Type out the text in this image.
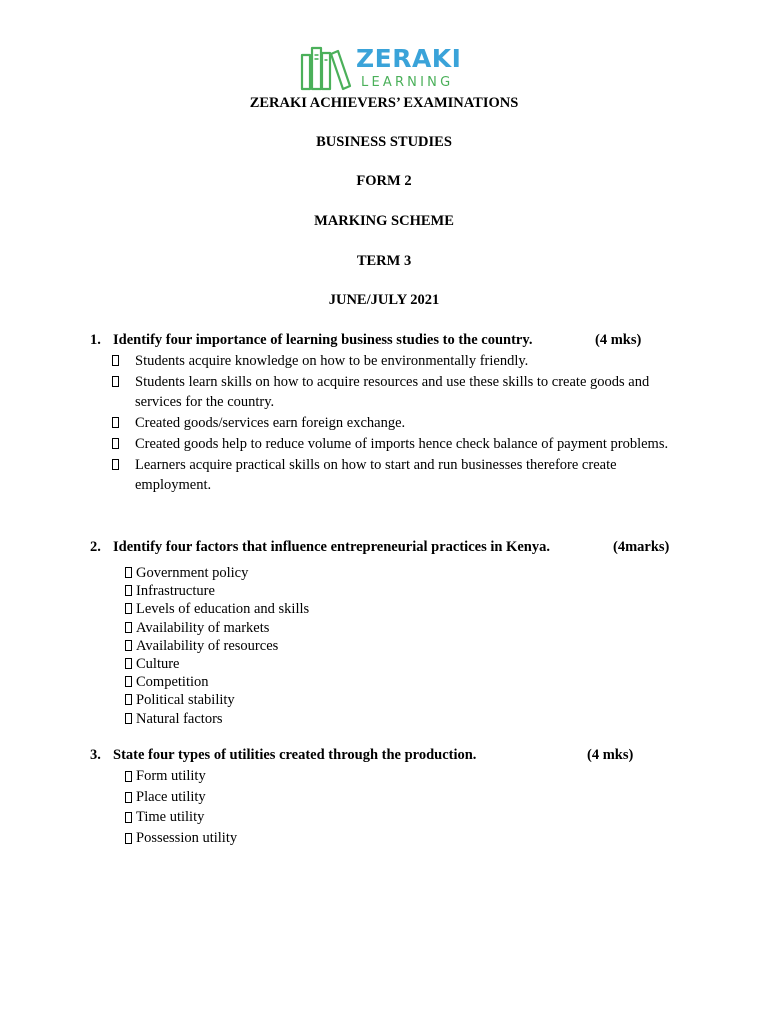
ZERAKI
LEARNING
ZERAKI ACHIEVERS’ EXAMINATIONS
BUSINESS STUDIES
FORM 2
MARKING SCHEME
TERM 3
JUNE/JULY 2021
1. Identify four importance of learning business studies to the country.	(4 mks)
Students acquire knowledge on how to be environmentally friendly.
Students learn skills on how to acquire resources and use these skills to create goods and services for the country.
Created goods/services earn foreign exchange.
Created goods help to reduce volume of imports hence check balance of payment problems.
Learners acquire practical skills on how to start and run businesses therefore create employment.
2. Identify four factors that influence entrepreneurial practices in Kenya.	(4marks)
Government policy
Infrastructure
Levels of education and skills
Availability of markets
Availability of resources
Culture
Competition
Political stability
Natural factors
3. State four types of utilities created through the production.	(4 mks)
Form utility
Place utility
Time utility
Possession utility
